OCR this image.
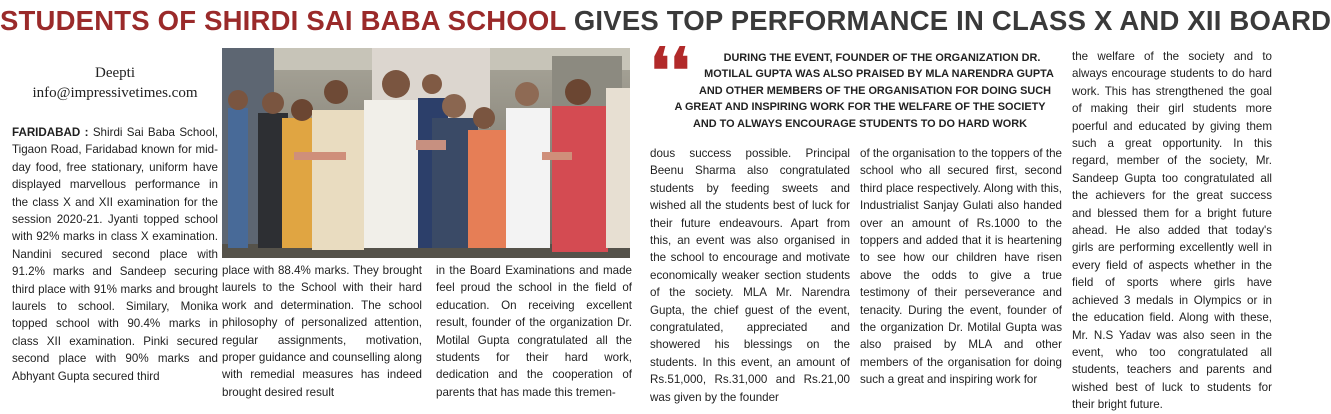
STUDENTS OF SHIRDI SAI BABA SCHOOL GIVES TOP PERFORMANCE IN CLASS X AND XII BOARD
Deepti
info@impressivetimes.com

FARIDABAD : Shirdi Sai Baba School, Tigaon Road, Faridabad known for mid-day food, free stationary, uniform have displayed marvellous performance in the class X and XII examination for the session 2020-21. Jyanti topped school with 92% marks in class X examination. Nandini secured second place with 91.2% marks and Sandeep securing third place with 91% marks and brought laurels to school. Similary, Monika topped school with 90.4% marks in class XII examination. Pinki secured second place with 90% marks and Abhyant Gupta secured third

place with 88.4% marks. They brought laurels to the School with their hard work and determination. The school philosophy of personalized attention, regular assignments, motivation, proper guidance and counselling along with remedial measures has indeed brought desired result

in the Board Examinations and made feel proud the school in the field of education. On receiving excellent result, founder of the organization Dr. Motilal Gupta congratulated all the students for their hard work, dedication and the cooperation of parents that has made this tremen-

❛❛	DURING THE EVENT, FOUNDER OF THE ORGANIZATION DR.
MOTILAL GUPTA WAS ALSO PRAISED BY MLA NARENDRA GUPTA
AND OTHER MEMBERS OF THE ORGANISATION FOR DOING SUCH
A GREAT AND INSPIRING WORK FOR THE WELFARE OF THE SOCIETY
AND TO ALWAYS ENCOURAGE STUDENTS TO DO HARD WORK

dous success possible. Principal Beenu Sharma also congratulated students by feeding sweets and wished all the students best of luck for their future endeavours. Apart from this, an event was also organised in the school to encourage and motivate economically weaker section students of the society. MLA Mr. Narendra Gupta, the chief guest of the event, congratulated, appreciated and showered his blessings on the students. In this event, an amount of Rs.51,000, Rs.31,000 and Rs.21,00 was given by the founder

of the organisation to the toppers of the school who all secured first, second third place respectively. Along with this, Industrialist Sanjay Gulati also handed over an amount of Rs.1000 to the toppers and added that it is heartening to see how our children have risen above the odds to give a true testimony of their perseverance and tenacity. During the event, founder of the organization Dr. Motilal Gupta was also praised by MLA and other members of the organisation for doing such a great and inspiring work for

the welfare of the society and to always encourage students to do hard work. This has strengthened the goal of making their girl students more poerful and educated by giving them such a great opportunity. In this regard, member of the society, Mr. Sandeep Gupta too congratulated all the achievers for the great success and blessed them for a bright future ahead. He also added that today's girls are performing excellently well in every field of aspects whether in the field of sports where girls have achieved 3 medals in Olympics or in the education field. Along with these, Mr. N.S Yadav was also seen in the event, who too congratulated all students, teachers and parents and wished best of luck to students for their bright future.
